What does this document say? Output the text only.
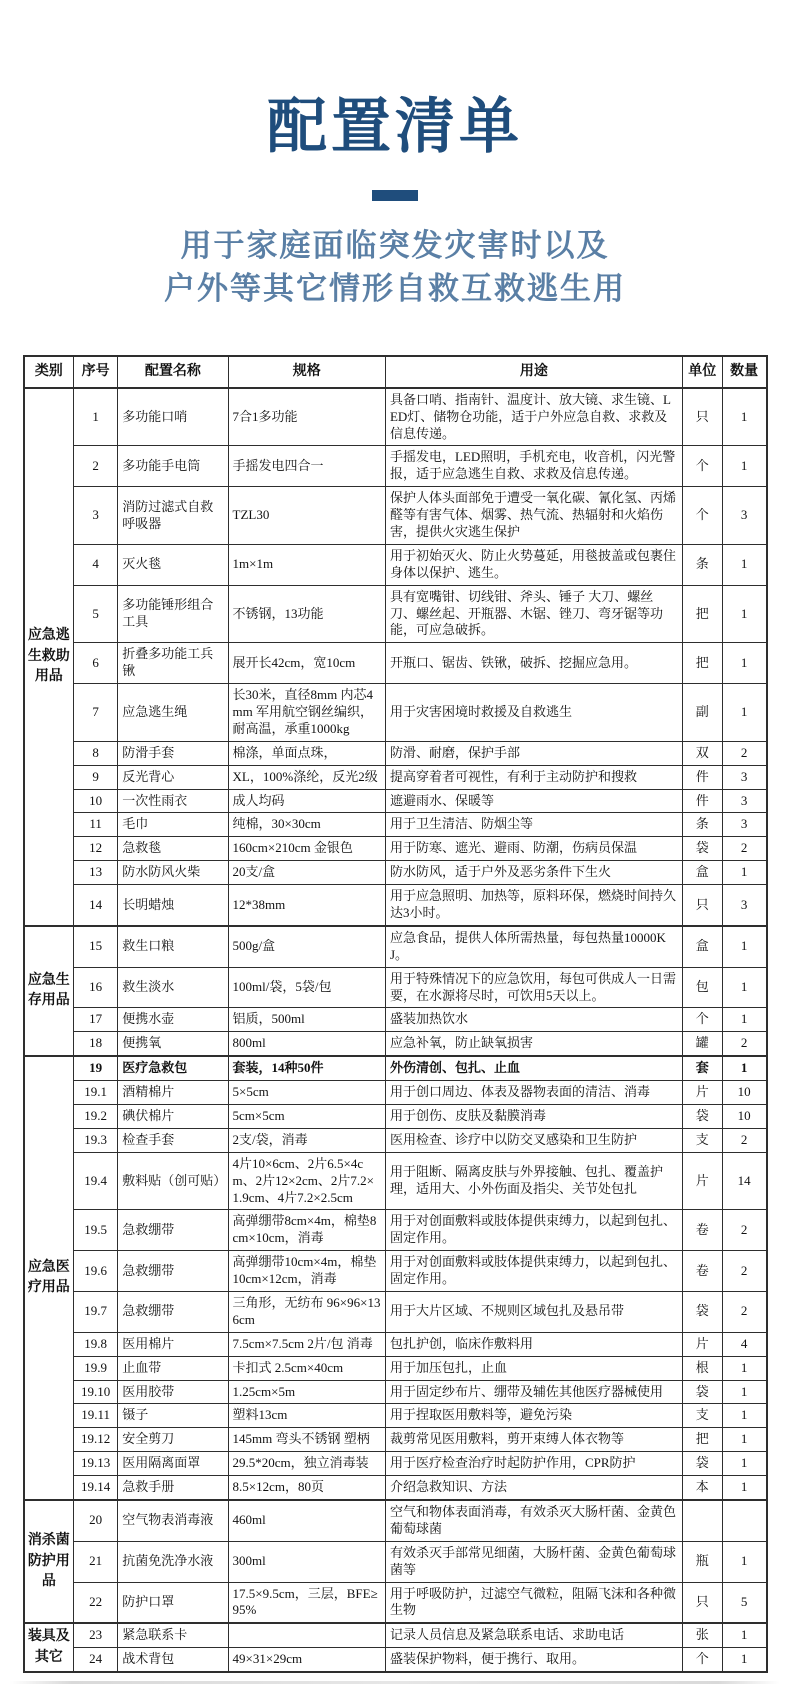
配置清单
用于家庭面临突发灾害时以及
户外等其它情形自救互救逃生用
类别	序号	配置名称	规格	用途	单位	数量
应急逃生救助用品	1	多功能口哨	7合1多功能	具备口哨、指南针、温度计、放大镜、求生镜、LED灯、储物仓功能，适于户外应急自救、求救及信息传递。	只	1
	2	多功能手电筒	手摇发电四合一	手摇发电，LED照明，手机充电，收音机，闪光警报，适于应急逃生自救、求救及信息传递。	个	1
	3	消防过滤式自救呼吸器	TZL30	保护人体头面部免于遭受一氧化碳、氰化氢、丙烯醛等有害气体、烟雾、热气流、热辐射和火焰伤害，提供火灾逃生保护	个	3
	4	灭火毯	1m×1m	用于初始灭火、防止火势蔓延，用毯披盖或包裹住身体以保护、逃生。	条	1
	5	多功能锤形组合工具	不锈钢，13功能	具有宽嘴钳、切线钳、斧头、锤子 大刀、螺丝刀、螺丝起、开瓶器、木锯、锉刀、弯牙锯等功能，可应急破拆。	把	1
	6	折叠多功能工兵锹	展开长42cm，宽10cm	开瓶口、锯齿、铁锹，破拆、挖掘应急用。	把	1
	7	应急逃生绳	长30米，直径8mm 内芯4mm 军用航空钢丝编织，耐高温，承重1000kg	用于灾害困境时救援及自救逃生	副	1
	8	防滑手套	棉涤，单面点珠，	防滑、耐磨，保护手部	双	2
	9	反光背心	XL，100%涤纶，反光2级	提高穿着者可视性，有利于主动防护和搜救	件	3
	10	一次性雨衣	成人均码	遮避雨水、保暖等	件	3
	11	毛巾	纯棉，30×30cm	用于卫生清洁、防烟尘等	条	3
	12	急救毯	160cm×210cm 金银色	用于防寒、遮光、避雨、防潮，伤病员保温	袋	2
	13	防水防风火柴	20支/盒	防水防风，适于户外及恶劣条件下生火	盒	1
	14	长明蜡烛	12*38mm	用于应急照明、加热等，原料环保，燃烧时间持久达3小时。	只	3
应急生存用品	15	救生口粮	500g/盒	应急食品，提供人体所需热量，每包热量10000KJ。	盒	1
	16	救生淡水	100ml/袋，5袋/包	用于特殊情况下的应急饮用，每包可供成人一日需要，在水源将尽时，可饮用5天以上。	包	1
	17	便携水壶	铝质，500ml	盛装加热饮水	个	1
	18	便携氧	800ml	应急补氧，防止缺氧损害	罐	2
应急医疗用品	19	医疗急救包	套装，14种50件	外伤清创、包扎、止血	套	1
	19.1	酒精棉片	5×5cm	用于创口周边、体表及器物表面的清洁、消毒	片	10
	19.2	碘伏棉片	5cm×5cm	用于创伤、皮肤及黏膜消毒	袋	10
	19.3	检查手套	2支/袋，消毒	医用检查、诊疗中以防交叉感染和卫生防护	支	2
	19.4	敷料贴（创可贴）	4片10×6cm、2片6.5×4cm、2片12×2cm、2片7.2×1.9cm、4片7.2×2.5cm	用于阻断、隔离皮肤与外界接触、包扎、覆盖护理，适用大、小外伤面及指尖、关节处包扎	片	14
	19.5	急救绷带	高弹绷带8cm×4m，棉垫8cm×10cm，消毒	用于对创面敷料或肢体提供束缚力，以起到包扎、固定作用。	卷	2
	19.6	急救绷带	高弹绷带10cm×4m，棉垫10cm×12cm，消毒	用于对创面敷料或肢体提供束缚力，以起到包扎、固定作用。	卷	2
	19.7	急救绷带	三角形，无纺布 96×96×136cm	用于大片区域、不规则区域包扎及悬吊带	袋	2
	19.8	医用棉片	7.5cm×7.5cm 2片/包 消毒	包扎护创，临床作敷料用	片	4
	19.9	止血带	卡扣式 2.5cm×40cm	用于加压包扎，止血	根	1
	19.10	医用胶带	1.25cm×5m	用于固定纱布片、绷带及辅佐其他医疗器械使用	袋	1
	19.11	镊子	塑料13cm	用于捏取医用敷料等，避免污染	支	1
	19.12	安全剪刀	145mm 弯头不锈钢 塑柄	裁剪常见医用敷料，剪开束缚人体衣物等	把	1
	19.13	医用隔离面罩	29.5*20cm，独立消毒装	用于医疗检查治疗时起防护作用，CPR防护	袋	1
	19.14	急救手册	8.5×12cm，80页	介绍急救知识、方法	本	1
消杀菌防护用品	20	空气物表消毒液	460ml	空气和物体表面消毒，有效杀灭大肠杆菌、金黄色葡萄球菌		
	21	抗菌免洗净水液	300ml	有效杀灭手部常见细菌，大肠杆菌、金黄色葡萄球菌等	瓶	1
	22	防护口罩	17.5×9.5cm，三层，BFE≥95%	用于呼吸防护，过滤空气微粒，阻隔飞沫和各种微生物	只	5
装具及其它	23	紧急联系卡		记录人员信息及紧急联系电话、求助电话	张	1
	24	战术背包	49×31×29cm	盛装保护物料，便于携行、取用。	个	1
